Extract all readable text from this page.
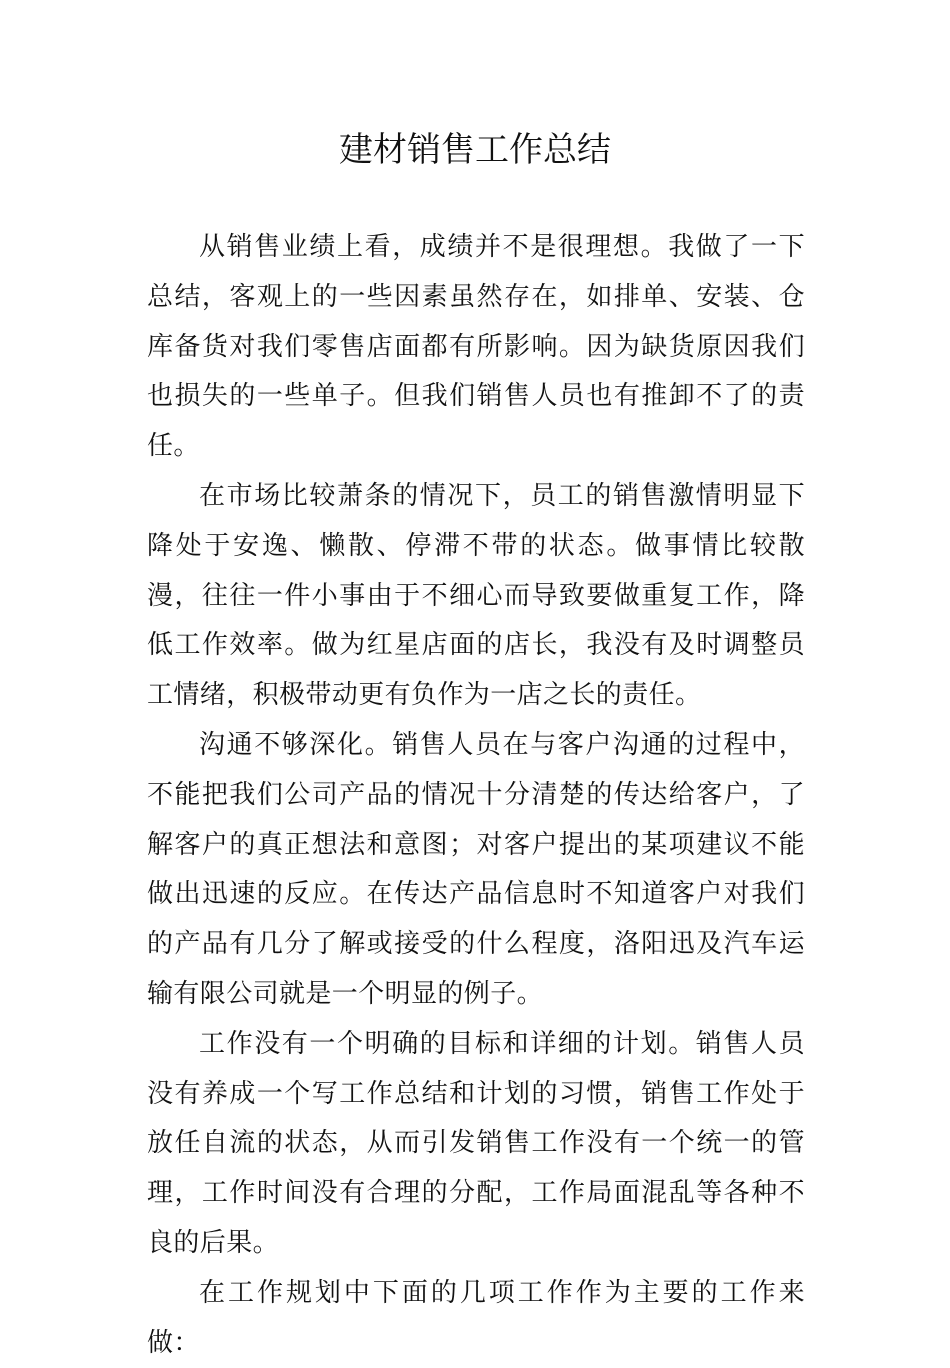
建材销售工作总结

从销售业绩上看，成绩并不是很理想。我做了一下总结，客观上的一些因素虽然存在，如排单、安装、仓库备货对我们零售店面都有所影响。因为缺货原因我们也损失的一些单子。但我们销售人员也有推卸不了的责任。

在市场比较萧条的情况下，员工的销售激情明显下降处于安逸、懒散、停滞不带的状态。做事情比较散漫，往往一件小事由于不细心而导致要做重复工作，降低工作效率。做为红星店面的店长，我没有及时调整员工情绪，积极带动更有负作为一店之长的责任。

沟通不够深化。销售人员在与客户沟通的过程中，不能把我们公司产品的情况十分清楚的传达给客户，了解客户的真正想法和意图；对客户提出的某项建议不能做出迅速的反应。在传达产品信息时不知道客户对我们的产品有几分了解或接受的什么程度，洛阳迅及汽车运输有限公司就是一个明显的例子。

工作没有一个明确的目标和详细的计划。销售人员没有养成一个写工作总结和计划的习惯，销售工作处于放任自流的状态，从而引发销售工作没有一个统一的管理，工作时间没有合理的分配，工作局面混乱等各种不良的后果。

在工作规划中下面的几项工作作为主要的工作来做：
